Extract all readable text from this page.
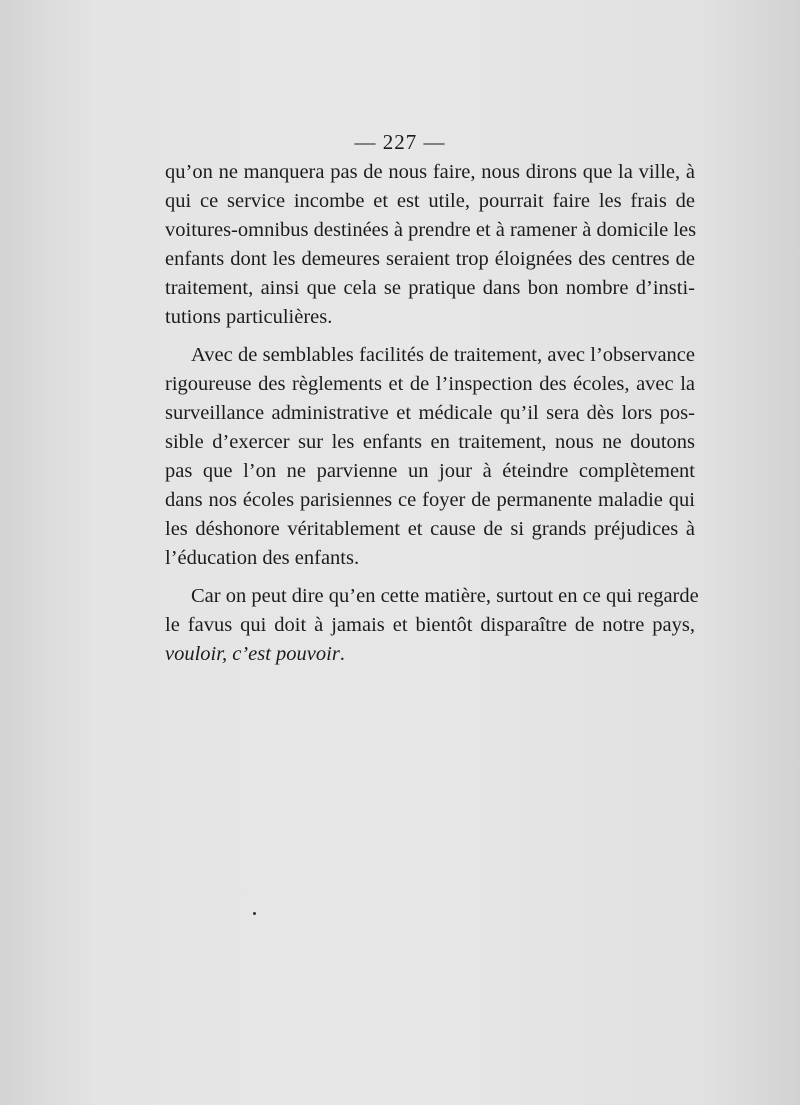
— 227 —
qu’on ne manquera pas de nous faire, nous dirons que la ville, à
qui ce service incombe et est utile, pourrait faire les frais de
voitures-omnibus destinées à prendre et à ramener à domicile les
enfants dont les demeures seraient trop éloignées des centres de
traitement, ainsi que cela se pratique dans bon nombre d’insti-
tutions particulières.
Avec de semblables facilités de traitement, avec l’observance
rigoureuse des règlements et de l’inspection des écoles, avec la
surveillance administrative et médicale qu’il sera dès lors pos-
sible d’exercer sur les enfants en traitement, nous ne doutons
pas que l’on ne parvienne un jour à éteindre complètement
dans nos écoles parisiennes ce foyer de permanente maladie qui
les déshonore véritablement et cause de si grands préjudices à
l’éducation des enfants.
Car on peut dire qu’en cette matière, surtout en ce qui regarde
le favus qui doit à jamais et bientôt disparaître de notre pays,
vouloir, c’est pouvoir.
